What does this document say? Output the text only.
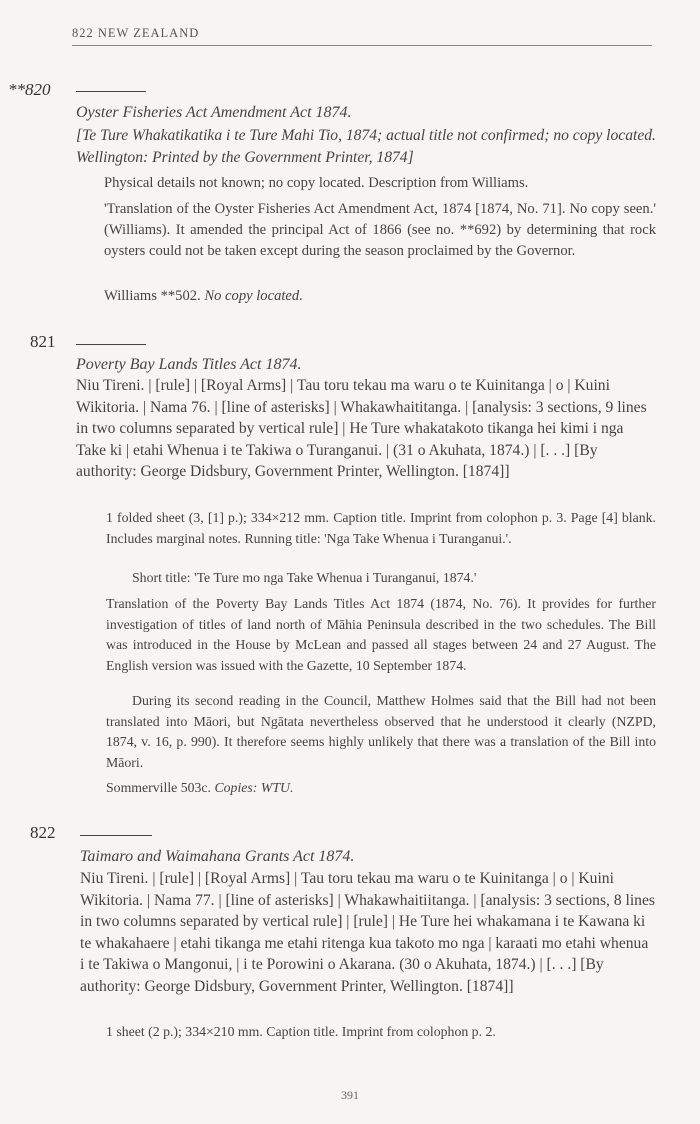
822 NEW ZEALAND
**820
Oyster Fisheries Act Amendment Act 1874.
[Te Ture Whakatikatika i te Ture Mahi Tio, 1874; actual title not confirmed; no copy located. Wellington: Printed by the Government Printer, 1874]
Physical details not known; no copy located. Description from Williams.
'Translation of the Oyster Fisheries Act Amendment Act, 1874 [1874, No. 71]. No copy seen.' (Williams). It amended the principal Act of 1866 (see no. **692) by determining that rock oysters could not be taken except during the season proclaimed by the Governor.
Williams **502. No copy located.
821
Poverty Bay Lands Titles Act 1874.
Niu Tireni. | [rule] | [Royal Arms] | Tau toru tekau ma waru o te Kuinitanga | o | Kuini Wikitoria. | Nama 76. | [line of asterisks] | Whakawhaititanga. | [analysis: 3 sections, 9 lines in two columns separated by vertical rule] | He Ture whakatakoto tikanga hei kimi i nga Take ki | etahi Whenua i te Takiwa o Turanganui. | (31 o Akuhata, 1874.) | [. . .] [By authority: George Didsbury, Government Printer, Wellington. [1874]]
1 folded sheet (3, [1] p.); 334×212 mm. Caption title. Imprint from colophon p. 3. Page [4] blank. Includes marginal notes. Running title: 'Nga Take Whenua i Turanganui.'.
Short title: 'Te Ture mo nga Take Whenua i Turanganui, 1874.'
Translation of the Poverty Bay Lands Titles Act 1874 (1874, No. 76). It provides for further investigation of titles of land north of Māhia Peninsula described in the two schedules. The Bill was introduced in the House by McLean and passed all stages between 24 and 27 August. The English version was issued with the Gazette, 10 September 1874.
During its second reading in the Council, Matthew Holmes said that the Bill had not been translated into Māori, but Ngātata nevertheless observed that he understood it clearly (NZPD, 1874, v. 16, p. 990). It therefore seems highly unlikely that there was a translation of the Bill into Māori.
Sommerville 503c. Copies: WTU.
822
Taimaro and Waimahana Grants Act 1874.
Niu Tireni. | [rule] | [Royal Arms] | Tau toru tekau ma waru o te Kuinitanga | o | Kuini Wikitoria. | Nama 77. | [line of asterisks] | Whakawhaitiitanga. | [analysis: 3 sections, 8 lines in two columns separated by vertical rule] | [rule] | He Ture hei whakamana i te Kawana ki te whakahaere | etahi tikanga me etahi ritenga kua takoto mo nga | karaati mo etahi whenua i te Takiwa o Mangonui, | i te Porowini o Akarana. (30 o Akuhata, 1874.) | [. . .] [By authority: George Didsbury, Government Printer, Wellington. [1874]]
1 sheet (2 p.); 334×210 mm. Caption title. Imprint from colophon p. 2.
391
